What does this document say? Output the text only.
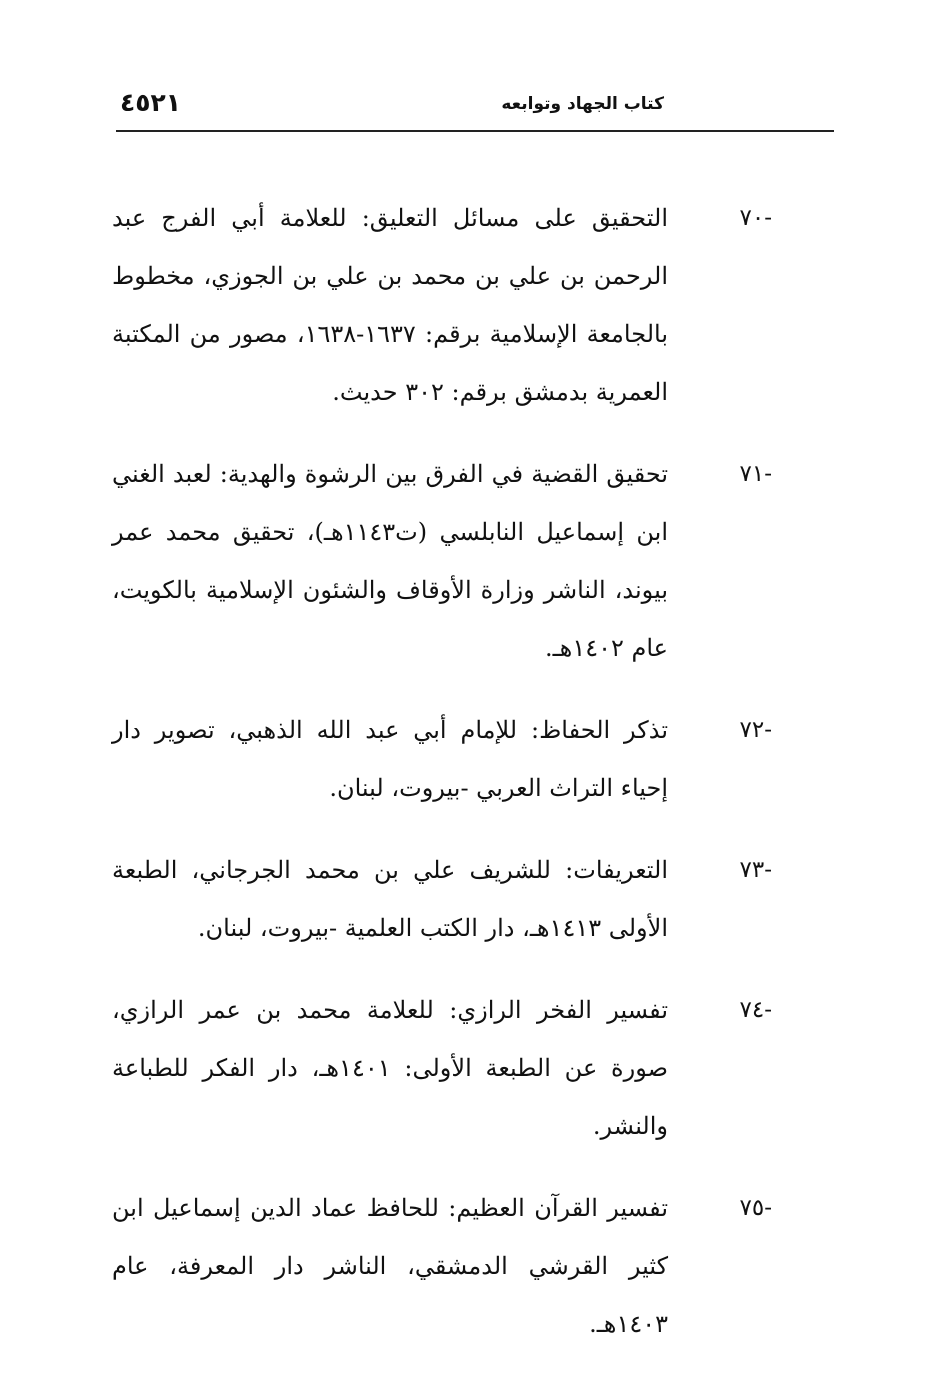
كتاب الجهاد وتوابعه
٤٥٢١
-٧٠

التحقيق على مسائل التعليق: للعلامة أبي الفرج عبد الرحمن بن علي بن محمد بن علي بن الجوزي، مخطوط بالجامعة الإسلامية برقم: ١٦٣٧-١٦٣٨، مصور من المكتبة العمرية بدمشق برقم: ٣٠٢ حديث.

-٧١

تحقيق القضية في الفرق بين الرشوة والهدية: لعبد الغني ابن إسماعيل النابلسي (ت١١٤٣هـ)، تحقيق محمد عمر بيوند، الناشر وزارة الأوقاف والشئون الإسلامية بالكويت، عام ١٤٠٢هـ.

-٧٢

تذكر الحفاظ: للإمام أبي عبد الله الذهبي، تصوير دار إحياء التراث العربي -بيروت، لبنان.

-٧٣

التعريفات: للشريف علي بن محمد الجرجاني، الطبعة الأولى ١٤١٣هـ، دار الكتب العلمية -بيروت، لبنان.

-٧٤

تفسير الفخر الرازي: للعلامة محمد بن عمر الرازي، صورة عن الطبعة الأولى: ١٤٠١هـ، دار الفكر للطباعة والنشر.

-٧٥

تفسير القرآن العظيم: للحافظ عماد الدين إسماعيل ابن كثير القرشي الدمشقي، الناشر دار المعرفة، عام ١٤٠٣هـ.
